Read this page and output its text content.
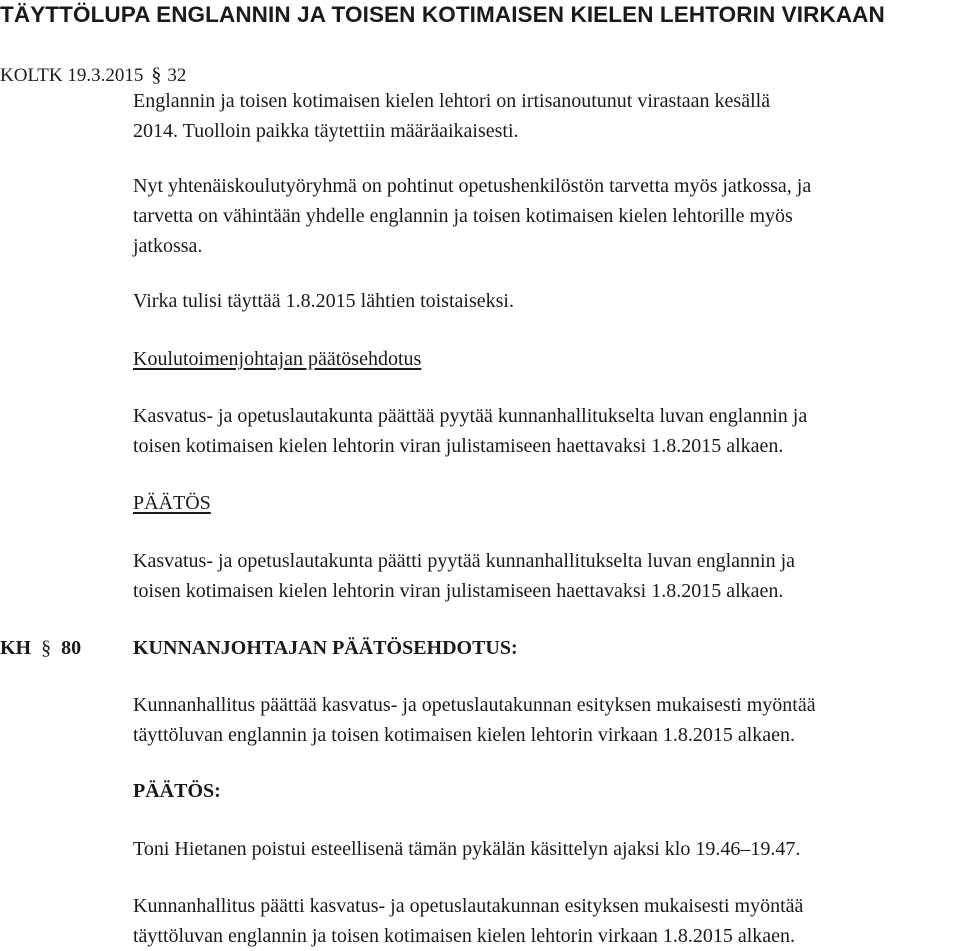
TÄYTTÖLUPA ENGLANNIN JA TOISEN KOTIMAISEN KIELEN LEHTORIN VIRKAAN
KOLTK 19.3.2015 § 32
Englannin ja toisen kotimaisen kielen lehtori on irtisanoutunut virastaan kesällä
2014. Tuolloin paikka täytettiin määräaikaisesti.
Nyt yhtenäiskoulutyöryhmä on pohtinut opetushenkilöstön tarvetta myös jatkossa, ja
tarvetta on vähintään yhdelle englannin ja toisen kotimaisen kielen lehtorille myös
jatkossa.
Virka tulisi täyttää 1.8.2015 lähtien toistaiseksi.
Koulutoimenjohtajan päätösehdotus
Kasvatus- ja opetuslautakunta päättää pyytää kunnanhallitukselta luvan englannin ja
toisen kotimaisen kielen lehtorin viran julistamiseen haettavaksi 1.8.2015 alkaen.
PÄÄTÖS
Kasvatus- ja opetuslautakunta päätti pyytää kunnanhallitukselta luvan englannin ja
toisen kotimaisen kielen lehtorin viran julistamiseen haettavaksi 1.8.2015 alkaen.
KH § 80	KUNNANJOHTAJAN PÄÄTÖSEHDOTUS:
Kunnanhallitus päättää kasvatus- ja opetuslautakunnan esityksen mukaisesti myöntää
täyttöluvan englannin ja toisen kotimaisen kielen lehtorin virkaan 1.8.2015 alkaen.
PÄÄTÖS:
Toni Hietanen poistui esteellisenä tämän pykälän käsittelyn ajaksi klo 19.46–19.47.
Kunnanhallitus päätti kasvatus- ja opetuslautakunnan esityksen mukaisesti myöntää
täyttöluvan englannin ja toisen kotimaisen kielen lehtorin virkaan 1.8.2015 alkaen.
